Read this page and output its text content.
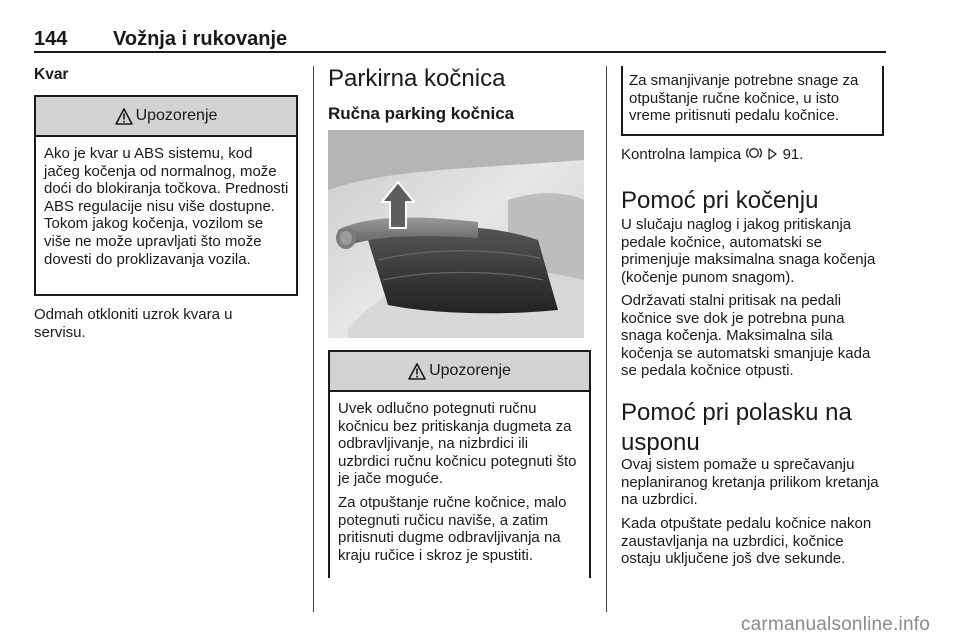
144 Vožnja i rukovanje
Kvar
Upozorenje

Ako je kvar u ABS sistemu, kod jačeg kočenja od normalnog, može doći do blokiranja točkova. Prednosti ABS regulacije nisu više dostupne. Tokom jakog kočenja, vozilom se više ne može upravljati što može dovesti do proklizavanja vozila.

Odmah otkloniti uzrok kvara u servisu.

Parkirna kočnica
Ručna parking kočnica
Upozorenje

Uvek odlučno potegnuti ručnu kočnicu bez pritiskanja dugmeta za odbravljivanje, na nizbrdici ili uzbrdici ručnu kočnicu potegnuti što je jače moguće.

Za otpuštanje ručne kočnice, malo potegnuti ručicu naviše, a zatim pritisnuti dugme odbravljivanja na kraju ručice i skroz je spustiti.

Za smanjivanje potrebne snage za otpuštanje ručne kočnice, u isto vreme pritisnuti pedalu kočnice.

Kontrolna lampica	91.
Pomoć pri kočenju

U slučaju naglog i jakog pritiskanja pedale kočnice, automatski se primenjuje maksimalna snaga kočenja (kočenje punom snagom).

Održavati stalni pritisak na pedali kočnice sve dok je potrebna puna snaga kočenja. Maksimalna sila kočenja se automatski smanjuje kada se pedala kočnice otpusti.

Pomoć pri polasku na usponu

Ovaj sistem pomaže u sprečavanju neplaniranog kretanja prilikom kretanja na uzbrdici.

Kada otpuštate pedalu kočnice nakon zaustavljanja na uzbrdici, kočnice ostaju uključene još dve sekunde.

carmanualsonline.info
